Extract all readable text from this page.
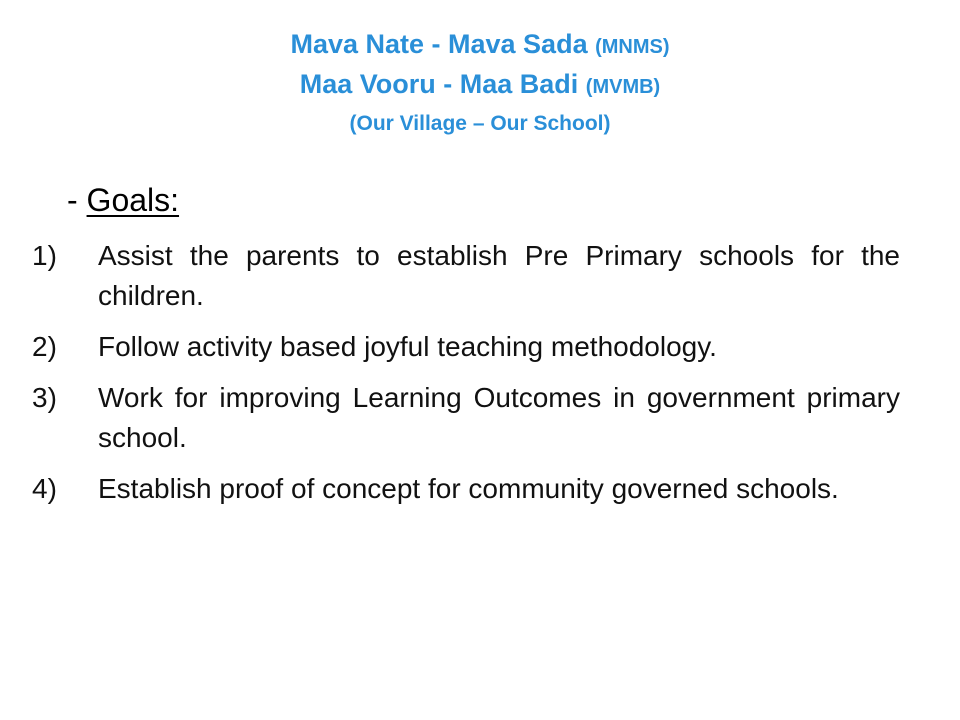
Mava Nate - Mava Sada (MNMS)
Maa Vooru - Maa Badi (MVMB)
(Our Village – Our School)
- Goals:
1)	Assist the parents to establish Pre Primary schools for the children.
2)	Follow activity based joyful teaching methodology.
3)	Work for improving Learning Outcomes in government primary school.
4)	Establish proof of concept for community governed schools.
